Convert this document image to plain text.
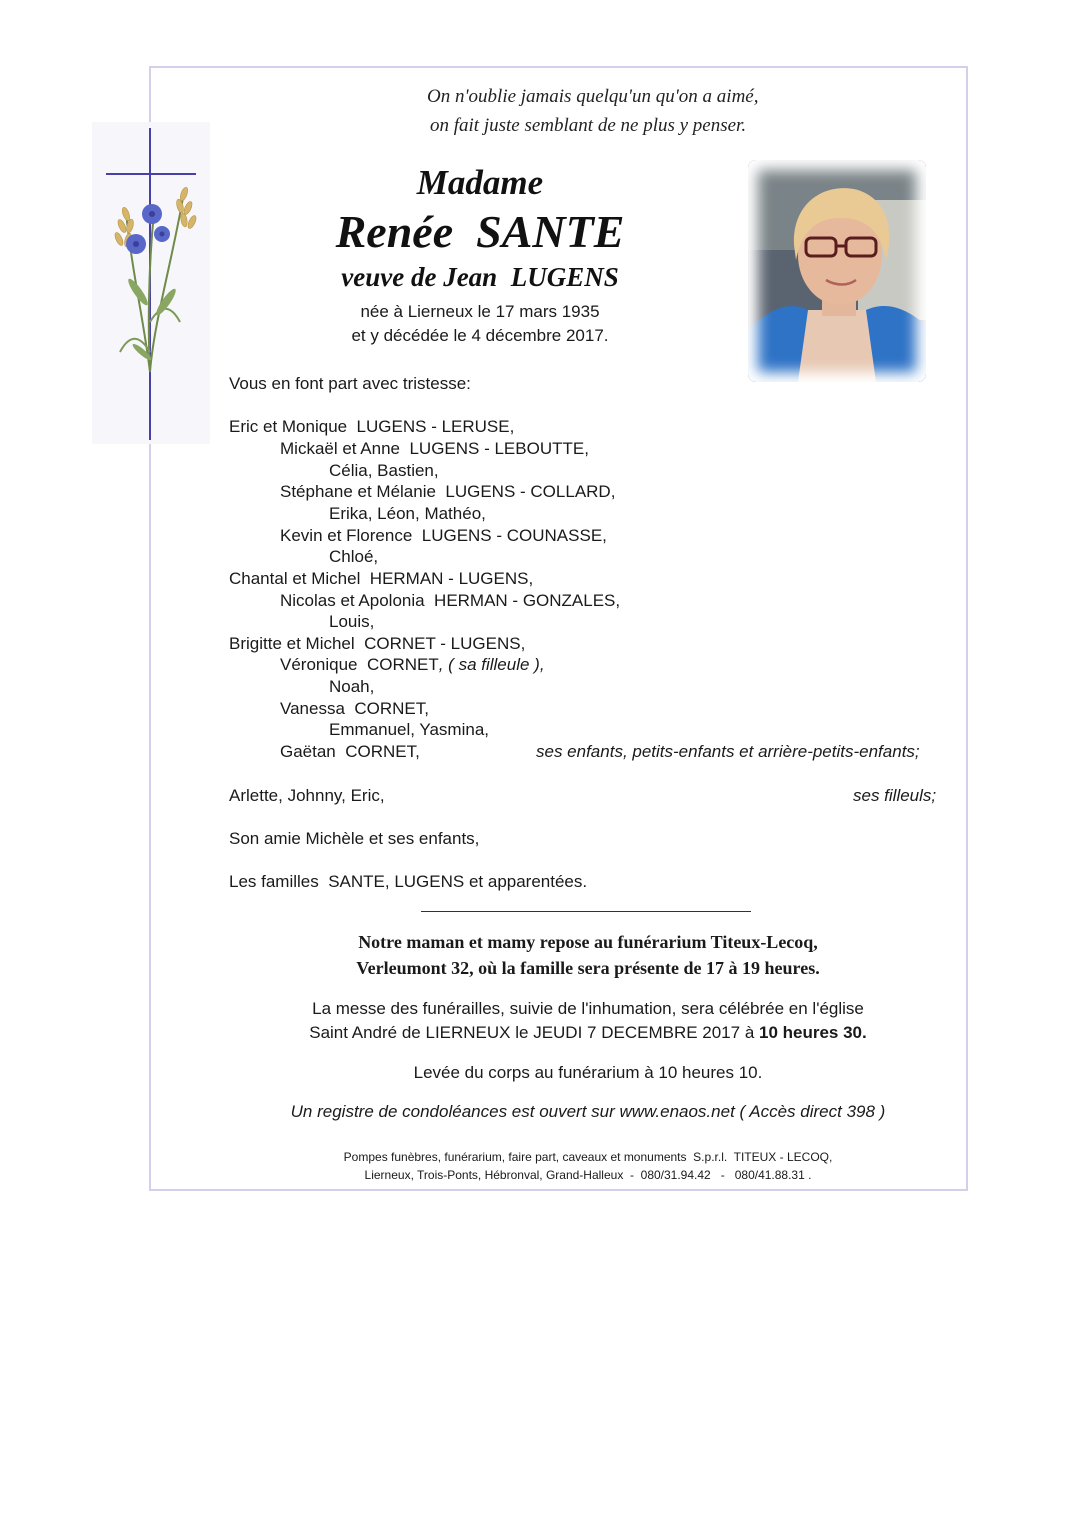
On n'oublie jamais quelqu'un qu'on a aimé,
on fait juste semblant de ne plus y penser.
Madame
Renée  SANTE
veuve de Jean  LUGENS
née à Lierneux le 17 mars 1935
et y décédée le 4 décembre 2017.
Vous en font part avec tristesse:
Eric et Monique  LUGENS - LERUSE,
Mickaël et Anne  LUGENS - LEBOUTTE,
Célia, Bastien,
Stéphane et Mélanie  LUGENS - COLLARD,
Erika, Léon, Mathéo,
Kevin et Florence  LUGENS - COUNASSE,
Chloé,
Chantal et Michel  HERMAN - LUGENS,
Nicolas et Apolonia  HERMAN - GONZALES,
Louis,
Brigitte et Michel  CORNET - LUGENS,
Véronique  CORNET, ( sa filleule ),
Noah,
Vanessa  CORNET,
Emmanuel, Yasmina,
Gaëtan  CORNET,	ses enfants, petits-enfants et arrière-petits-enfants;
Arlette, Johnny, Eric,	ses filleuls;
Son amie Michèle et ses enfants,
Les familles  SANTE, LUGENS et apparentées.
Notre maman et mamy repose au funérarium Titeux-Lecoq,
Verleumont 32, où la famille sera présente de 17 à 19 heures.
La messe des funérailles, suivie de l'inhumation, sera célébrée en l'église
Saint André de LIERNEUX le JEUDI 7 DECEMBRE 2017 à 10 heures 30.
Levée du corps au funérarium à 10 heures 10.
Un registre de condoléances est ouvert sur www.enaos.net ( Accès direct 398 )
Pompes funèbres, funérarium, faire part, caveaux et monuments  S.p.r.l.  TITEUX - LECOQ,
Lierneux, Trois-Ponts, Hébronval, Grand-Halleux  -  080/31.94.42   -   080/41.88.31 .
